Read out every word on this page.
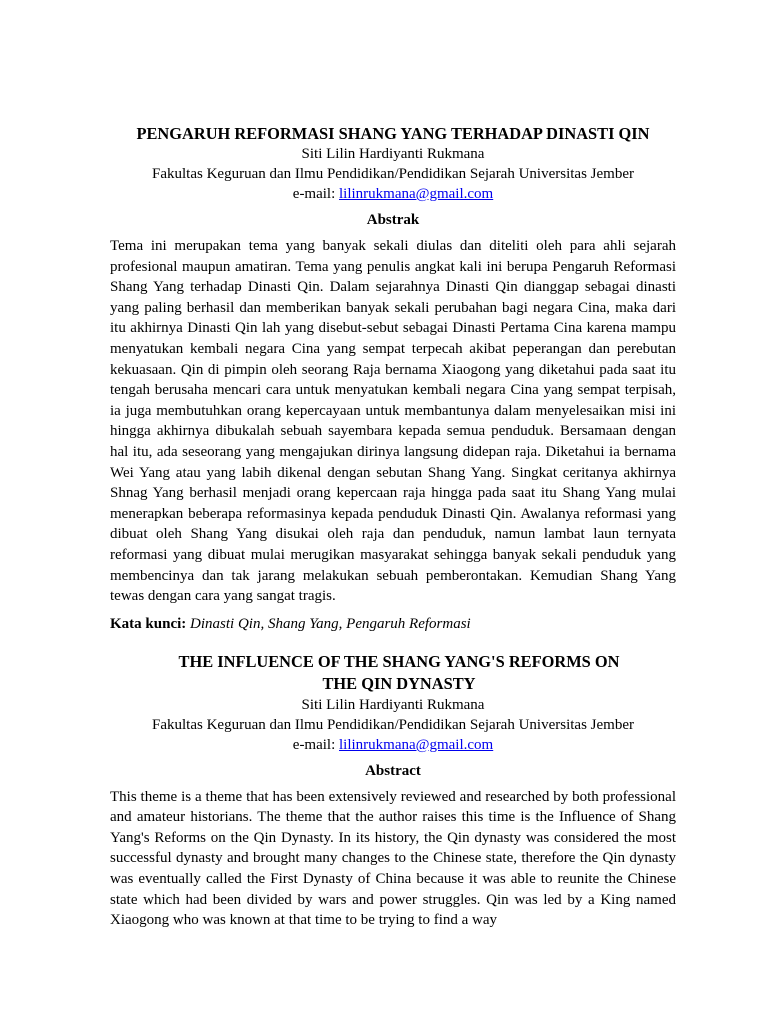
PENGARUH REFORMASI SHANG YANG TERHADAP DINASTI QIN

Siti Lilin Hardiyanti Rukmana

Fakultas Keguruan dan Ilmu Pendidikan/Pendidikan Sejarah Universitas Jember

e-mail: lilinrukmana@gmail.com

Abstrak

Tema ini merupakan tema yang banyak sekali diulas dan diteliti oleh para ahli sejarah profesional maupun amatiran. Tema yang penulis angkat kali ini berupa Pengaruh Reformasi Shang Yang terhadap Dinasti Qin. Dalam sejarahnya Dinasti Qin dianggap sebagai dinasti yang paling berhasil dan memberikan banyak sekali perubahan bagi negara Cina, maka dari itu akhirnya Dinasti Qin lah yang disebut-sebut sebagai Dinasti Pertama Cina karena mampu menyatukan kembali negara Cina yang sempat terpecah akibat peperangan dan perebutan kekuasaan. Qin di pimpin oleh seorang Raja bernama Xiaogong yang diketahui pada saat itu tengah berusaha mencari cara untuk menyatukan kembali negara Cina yang sempat terpisah, ia juga membutuhkan orang kepercayaan untuk membantunya dalam menyelesaikan misi ini hingga akhirnya dibukalah sebuah sayembara kepada semua penduduk. Bersamaan dengan hal itu, ada seseorang yang mengajukan dirinya langsung didepan raja. Diketahui ia bernama Wei Yang atau yang labih dikenal dengan sebutan Shang Yang. Singkat ceritanya akhirnya Shnag Yang berhasil menjadi orang kepercaan raja hingga pada saat itu Shang Yang mulai menerapkan beberapa reformasinya kepada penduduk Dinasti Qin. Awalanya reformasi yang dibuat oleh Shang Yang disukai oleh raja dan penduduk, namun lambat laun ternyata reformasi yang dibuat mulai merugikan masyarakat sehingga banyak sekali penduduk yang membencinya dan tak jarang melakukan sebuah pemberontakan. Kemudian Shang Yang tewas dengan cara yang sangat tragis.

Kata kunci: Dinasti Qin, Shang Yang, Pengaruh Reformasi

THE INFLUENCE OF THE SHANG YANG'S REFORMS ON THE QIN DYNASTY

Siti Lilin Hardiyanti Rukmana

Fakultas Keguruan dan Ilmu Pendidikan/Pendidikan Sejarah Universitas Jember

e-mail: lilinrukmana@gmail.com

Abstract

This theme is a theme that has been extensively reviewed and researched by both professional and amateur historians. The theme that the author raises this time is the Influence of Shang Yang's Reforms on the Qin Dynasty. In its history, the Qin dynasty was considered the most successful dynasty and brought many changes to the Chinese state, therefore the Qin dynasty was eventually called the First Dynasty of China because it was able to reunite the Chinese state which had been divided by wars and power struggles. Qin was led by a King named Xiaogong who was known at that time to be trying to find a way
